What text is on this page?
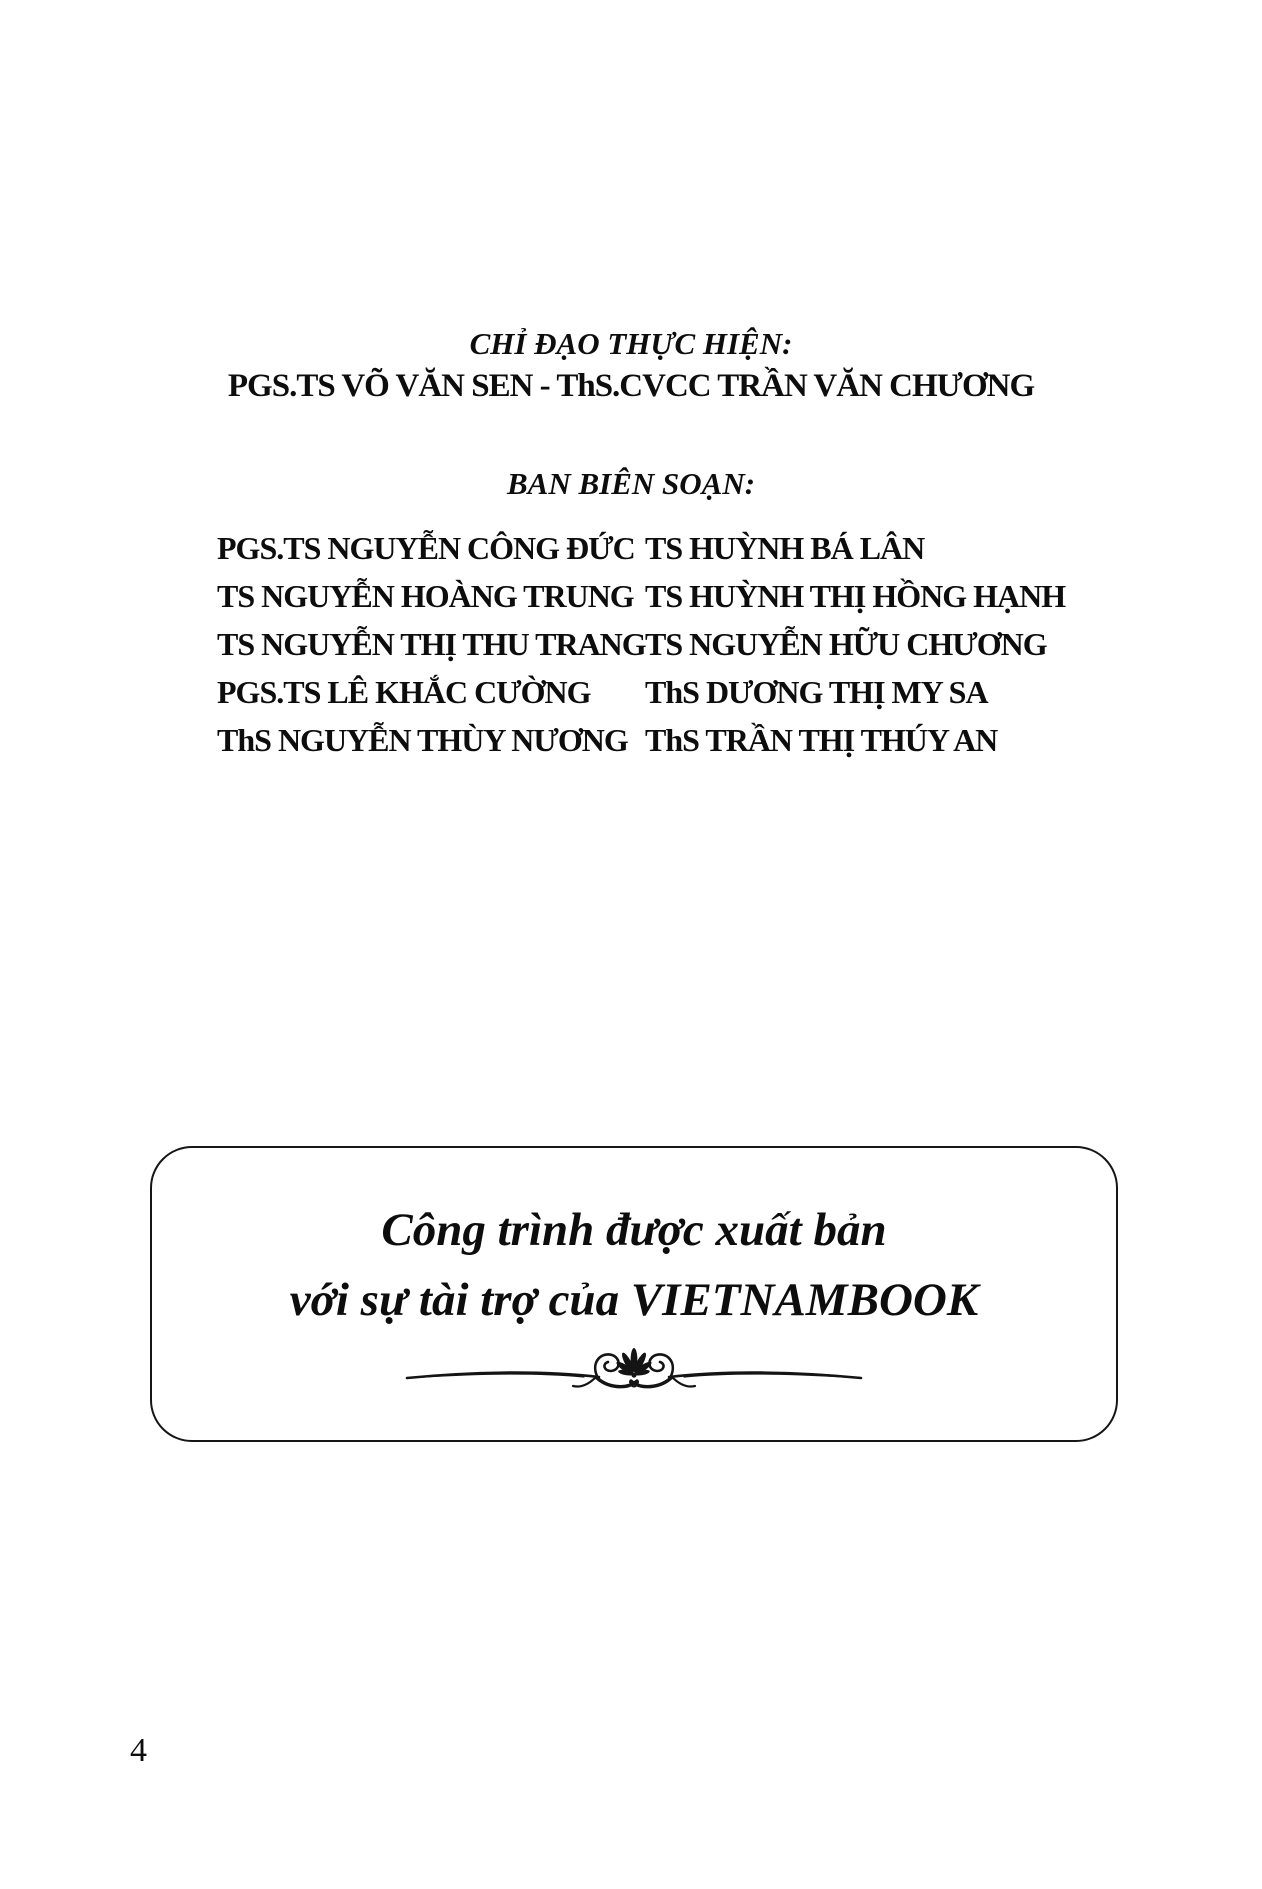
CHỈ ĐẠO THỰC HIỆN:
PGS.TS VÕ VĂN SEN - ThS.CVCC TRẦN VĂN CHƯƠNG
BAN BIÊN SOẠN:
PGS.TS NGUYỄN CÔNG ĐỨC
TS NGUYỄN HOÀNG TRUNG
TS NGUYỄN THỊ THU TRANG
PGS.TS LÊ KHẮC CƯỜNG
ThS NGUYỄN THÙY NƯƠNG
TS HUỲNH BÁ LÂN
TS HUỲNH THỊ HỒNG HẠNH
TS NGUYỄN HỮU CHƯƠNG
ThS DƯƠNG THỊ MY SA
ThS TRẦN THỊ THÚY AN
Công trình được xuất bản
với sự tài trợ của VIETNAMBOOK
4
